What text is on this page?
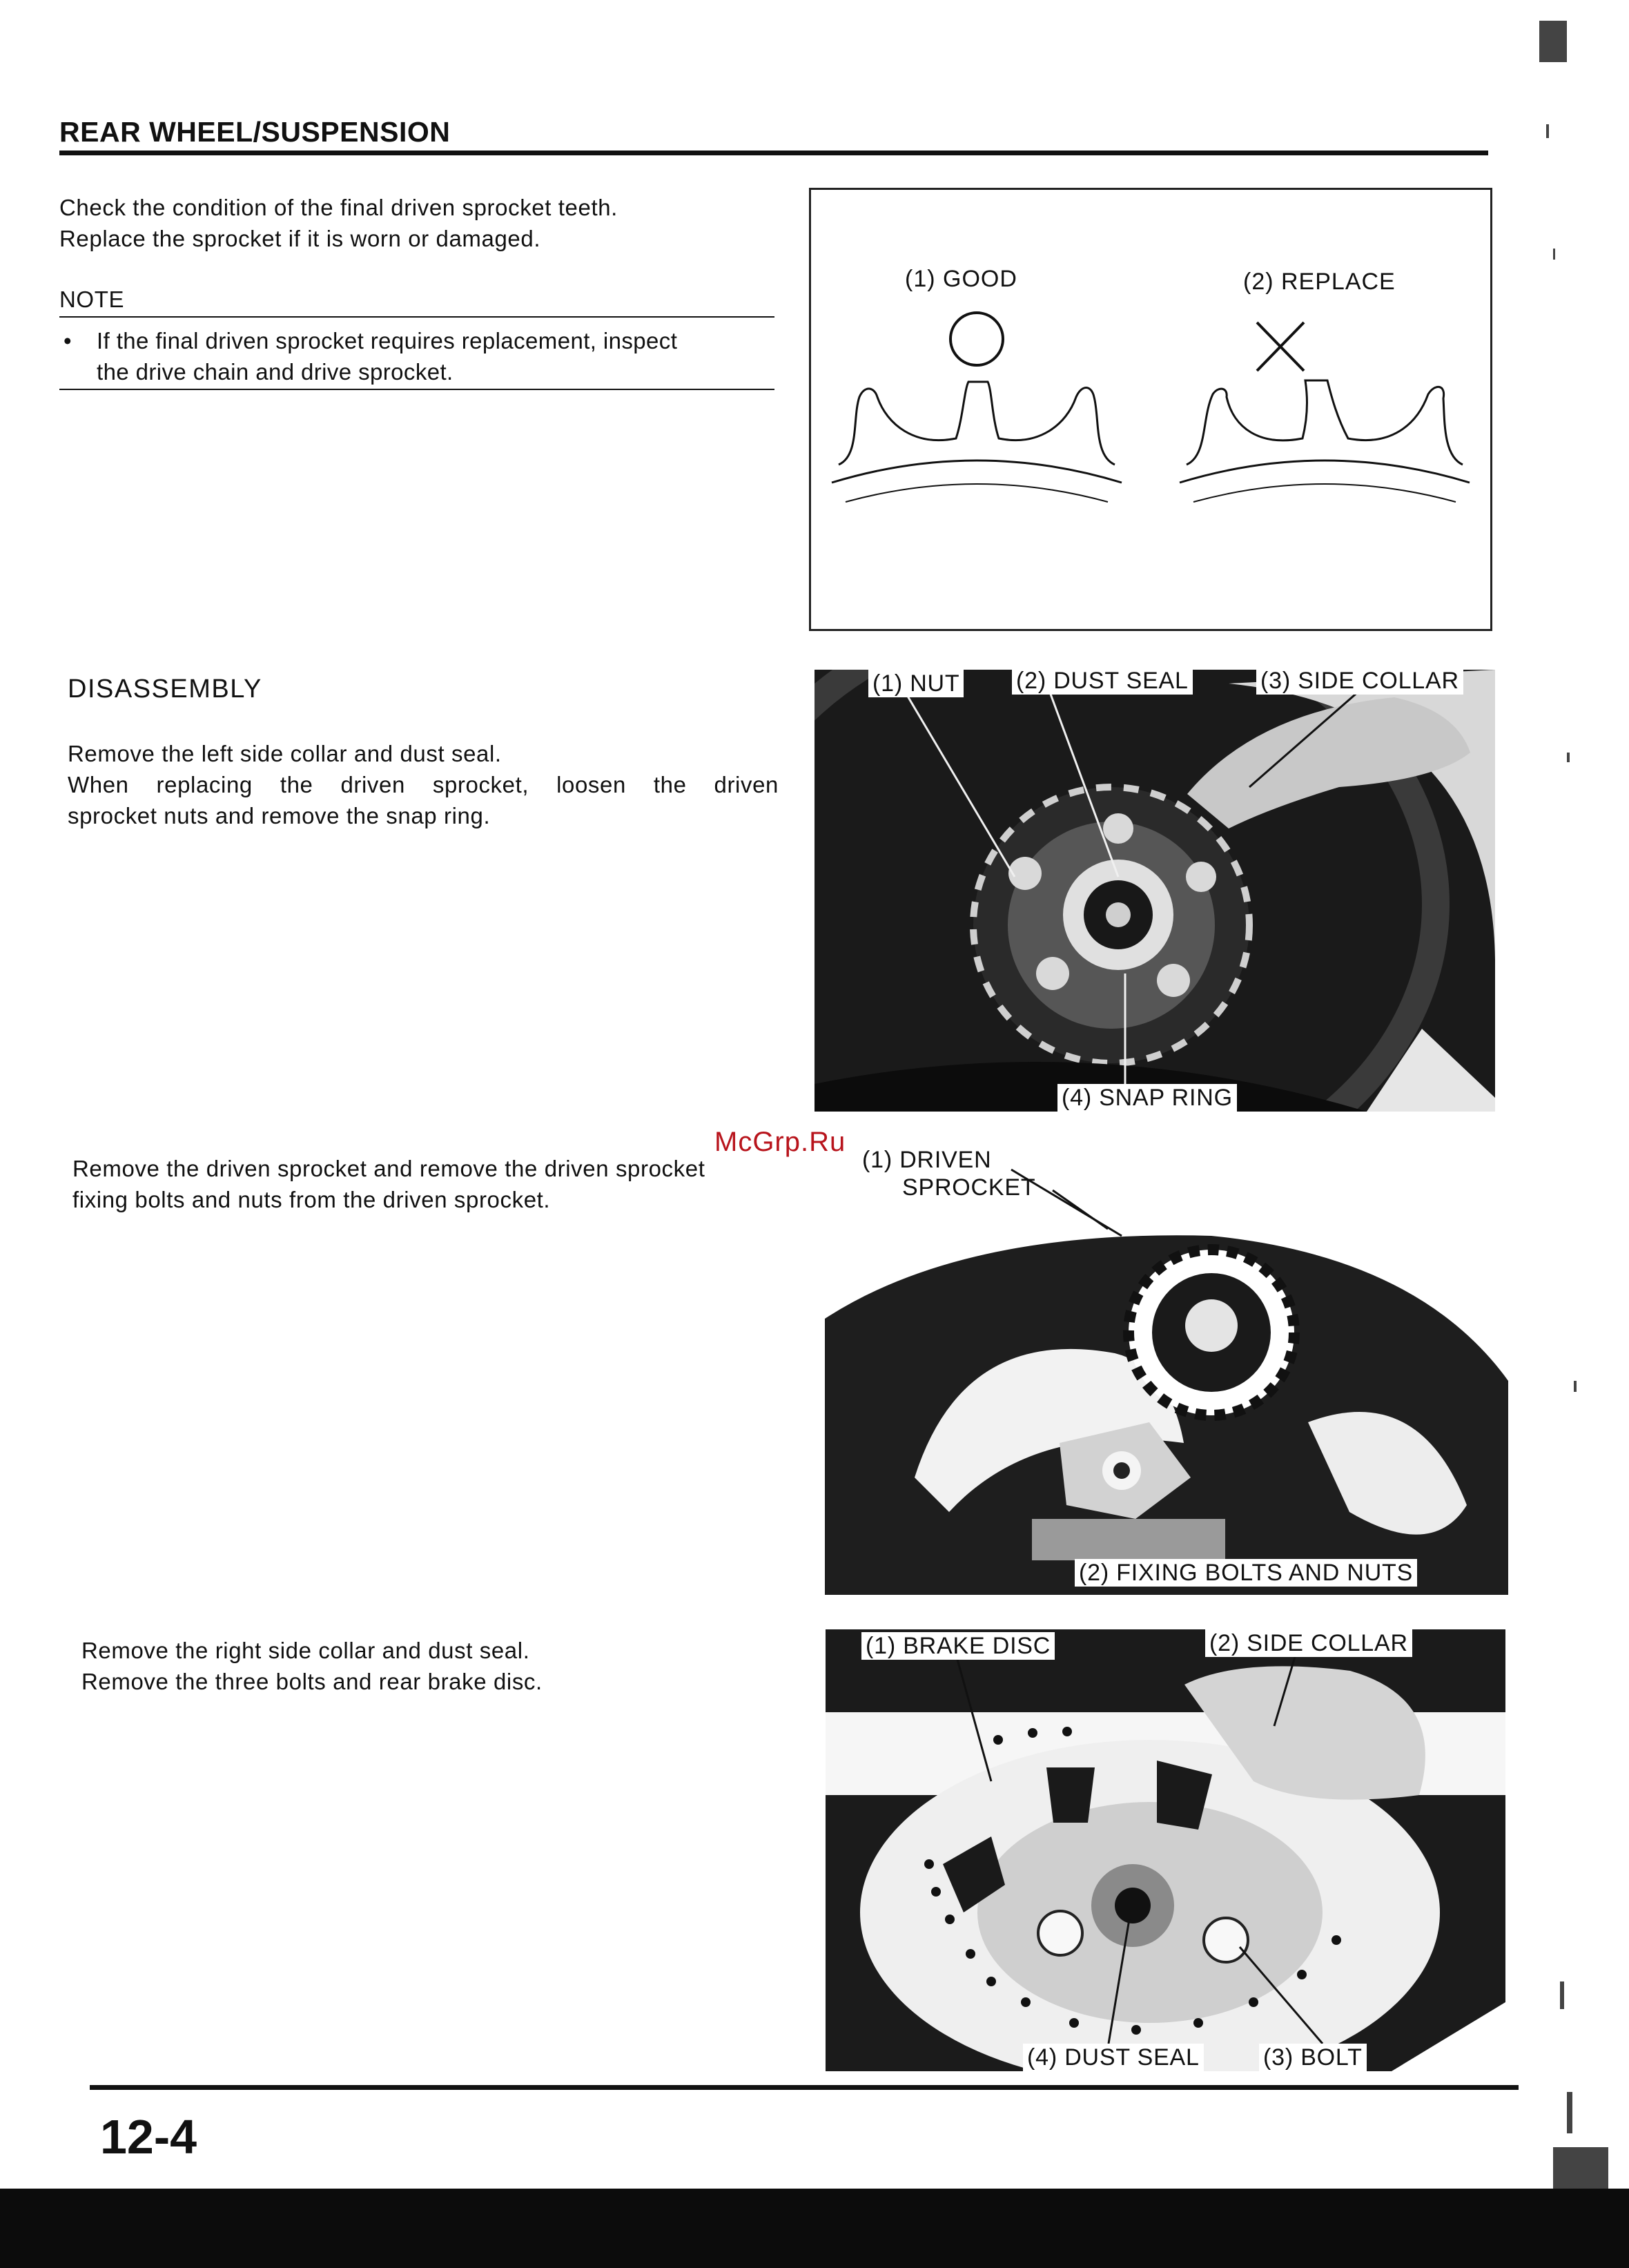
REAR WHEEL/SUSPENSION
Check the condition of the final driven sprocket teeth.
Replace the sprocket if it is worn or damaged.
NOTE
•	If the final driven sprocket requires replacement, inspect
the drive chain and drive sprocket.
(1) GOOD	(2) REPLACE
DISASSEMBLY
Remove the left side collar and dust seal.
When replacing the driven sprocket, loosen the driven
sprocket nuts and remove the snap ring.
(1) NUT (2) DUST SEAL	(3) SIDE COLLAR
(4) SNAP RING
McGrp.Ru
Remove the driven sprocket and remove the driven sprocket
fixing bolts and nuts from the driven sprocket.
(1) DRIVEN
SPROCKET
(2) FIXING BOLTS AND NUTS
Remove the right side collar and dust seal.
Remove the three bolts and rear brake disc.
(1) BRAKE DISC	(2) SIDE COLLAR
(4) DUST SEAL	(3) BOLT
12-4
